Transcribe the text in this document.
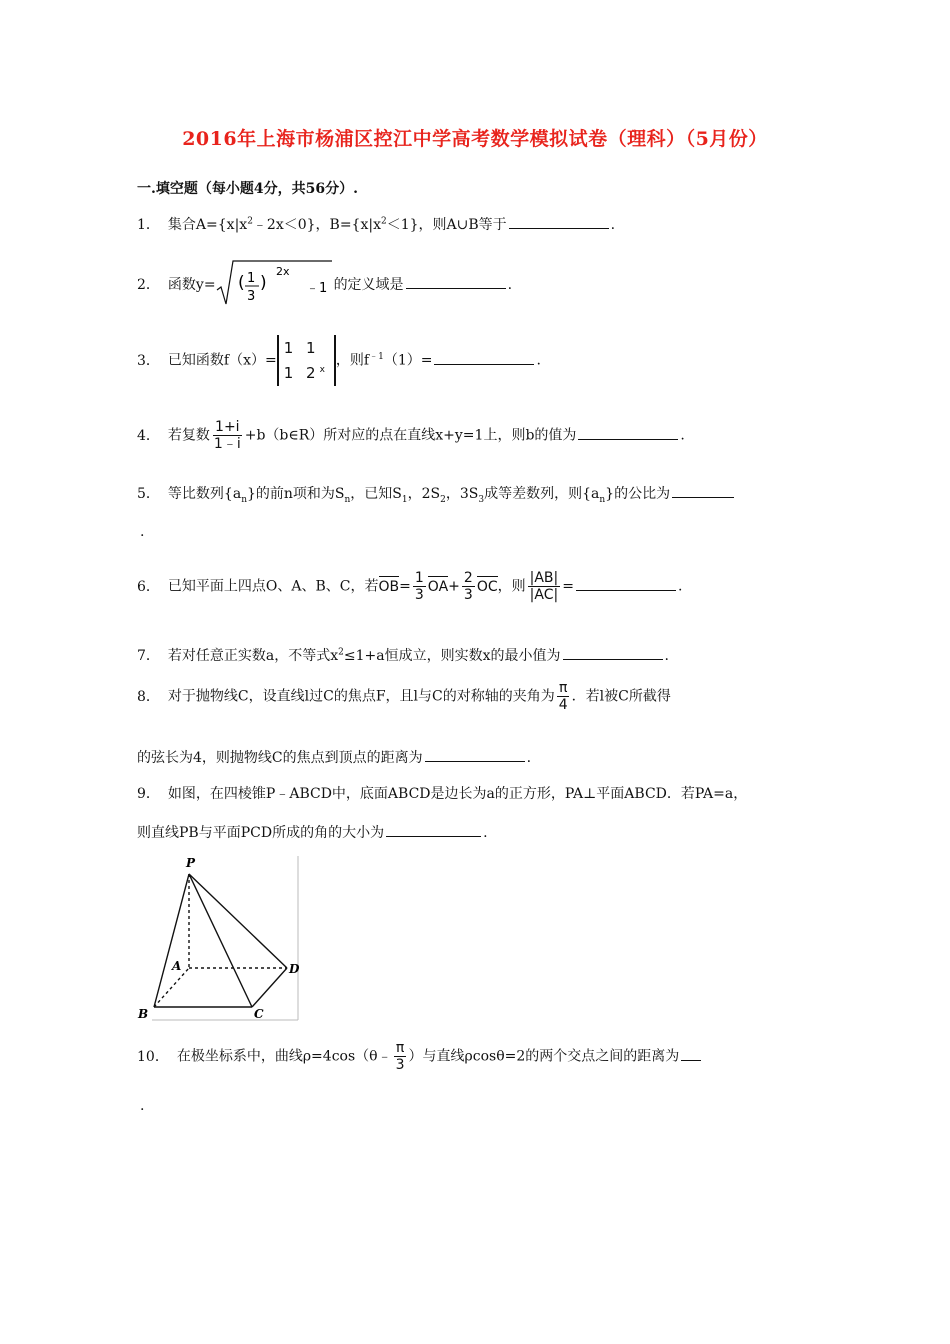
2016年上海市杨浦区控江中学高考数学模拟试卷（理科）（5月份）
一.填空题（每小题4分，共56分）.
1． 集合$A=\{x|x^2﹣2x<0\}$，$B=\{x|x^2<1\}$，则A∪B等于	.
2． 函数y= ( 1
3
)
2x
﹣1 的定义域是	.
3． 已知函数f（x）=
1 1
1 2$^x$
，则$f^{﹣1}(1)=$	.
4． 若复数 $\frac{1+i}{1﹣i}$ +b（b∈R）所对应的点在直线x+y=1上，则b的值为	.
5． 等比数列$\{a_n\}$的前n项和为$S_n$，已知$S_1$，$2S_2$，$3S_3$成等差数列，则$\{a_n\}$的公比为
.
6． 已知平面上四点O、A、B、C，若$OB= \frac{1}{3} OA+ \frac{2}{3}$ OC，则 $\frac{|AB|}{|AC|}$ =	.
7． 若对任意正实数a，不等式$x^2\le 1+a$恒成立，则实数x的最小值为	.
8． 对于抛物线C，设直线l过C的焦点F，且l与C的对称轴的夹角为 $\frac{\pi}{4}$ ．若l被C所截得
的弦长为4，则抛物线C的焦点到顶点的距离为	.
9． 如图，在四棱锥P﹣ABCD中，底面ABCD是边长为a的正方形，PA⊥平面ABCD．若PA=a，
则直线PB与平面PCD所成的角的大小为	.
P
A
B	C
D
10． 在极坐标系中，曲线ρ=4cos（θ﹣ $\frac{\pi}{3}$ ）与直线ρcosθ=2的两个交点之间的距离为
.
